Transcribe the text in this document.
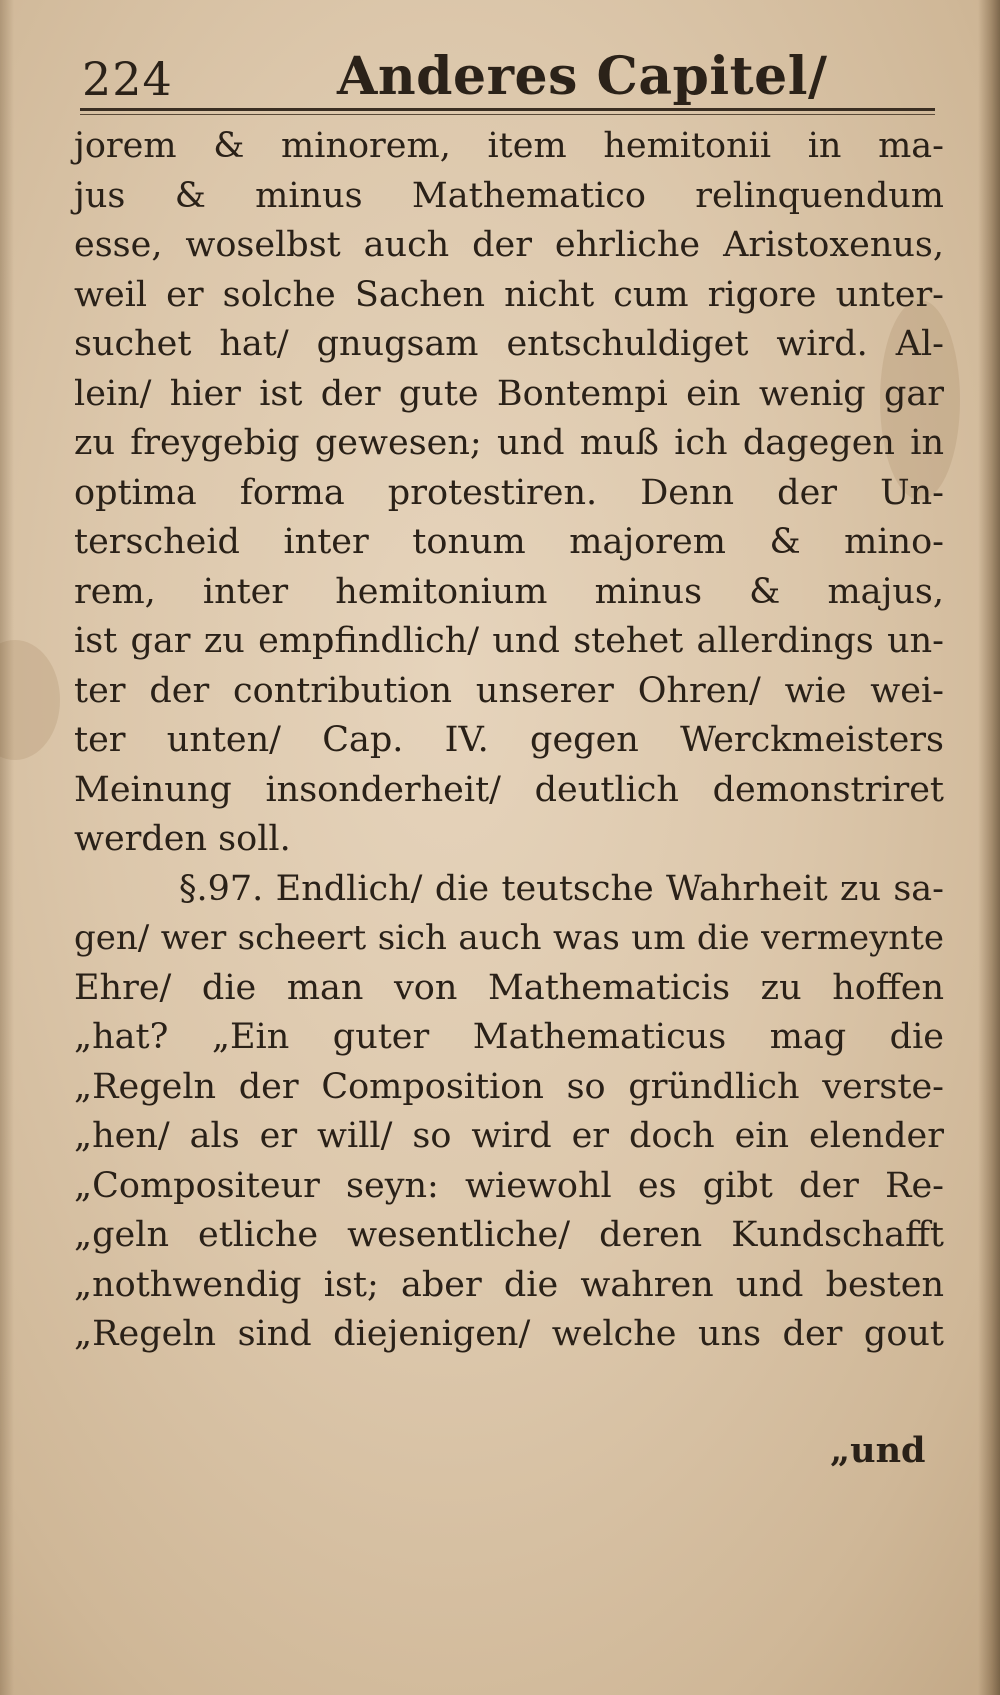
224	Anderes Capitel/
jorem & minorem, item hemitonii in ma-
jus & minus Mathematico relinquendum
esse, woselbst auch der ehrliche Aristoxenus,
weil er solche Sachen nicht cum rigore unter-
suchet hat/ gnugsam entschuldiget wird. Al-
lein/ hier ist der gute Bontempi ein wenig gar
zu freygebig gewesen; und muß ich dagegen in
optima forma protestiren. Denn der Un-
terscheid inter tonum majorem & mino-
rem, inter hemitonium minus & majus,
ist gar zu empfindlich/ und stehet allerdings un-
ter der contribution unserer Ohren/ wie wei-
ter unten/ Cap. IV. gegen Werckmeisters
Meinung insonderheit/ deutlich demonstriret
werden soll.
§.97. Endlich/ die teutsche Wahrheit zu sa-
gen/ wer scheert sich auch was um die vermeynte
Ehre/ die man von Mathematicis zu hoffen
„hat? „Ein guter Mathematicus mag die
„Regeln der Composition so gründlich verste-
„hen/ als er will/ so wird er doch ein elender
„Compositeur seyn: wiewohl es gibt der Re-
„geln etliche wesentliche/ deren Kundschafft
„nothwendig ist; aber die wahren und besten
„Regeln sind diejenigen/ welche uns der gout
„und
